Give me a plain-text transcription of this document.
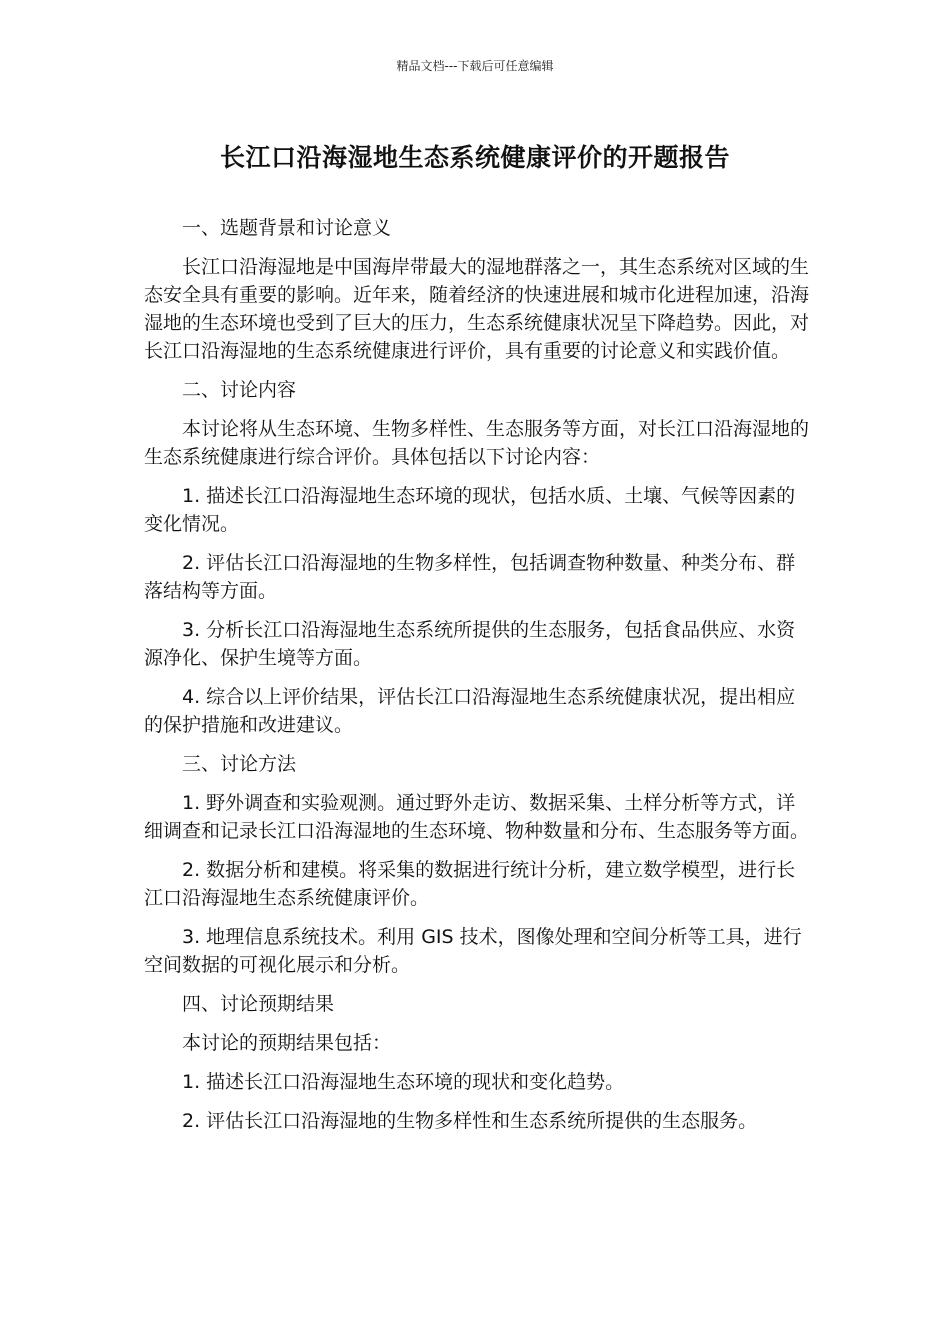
精品文档---下载后可任意编辑
长江口沿海湿地生态系统健康评价的开题报告

一、选题背景和讨论意义

长江口沿海湿地是中国海岸带最大的湿地群落之一，其生态系统对区域的生态安全具有重要的影响。近年来，随着经济的快速进展和城市化进程加速，沿海湿地的生态环境也受到了巨大的压力，生态系统健康状况呈下降趋势。因此，对长江口沿海湿地的生态系统健康进行评价，具有重要的讨论意义和实践价值。

二、讨论内容

本讨论将从生态环境、生物多样性、生态服务等方面，对长江口沿海湿地的生态系统健康进行综合评价。具体包括以下讨论内容：

1. 描述长江口沿海湿地生态环境的现状，包括水质、土壤、气候等因素的变化情况。

2. 评估长江口沿海湿地的生物多样性，包括调查物种数量、种类分布、群落结构等方面。

3. 分析长江口沿海湿地生态系统所提供的生态服务，包括食品供应、水资源净化、保护生境等方面。

4. 综合以上评价结果，评估长江口沿海湿地生态系统健康状况，提出相应的保护措施和改进建议。

三、讨论方法

1. 野外调查和实验观测。通过野外走访、数据采集、土样分析等方式，详细调查和记录长江口沿海湿地的生态环境、物种数量和分布、生态服务等方面。

2. 数据分析和建模。将采集的数据进行统计分析，建立数学模型，进行长江口沿海湿地生态系统健康评价。

3. 地理信息系统技术。利用 GIS 技术，图像处理和空间分析等工具，进行空间数据的可视化展示和分析。

四、讨论预期结果

本讨论的预期结果包括：

1. 描述长江口沿海湿地生态环境的现状和变化趋势。

2. 评估长江口沿海湿地的生物多样性和生态系统所提供的生态服务。
